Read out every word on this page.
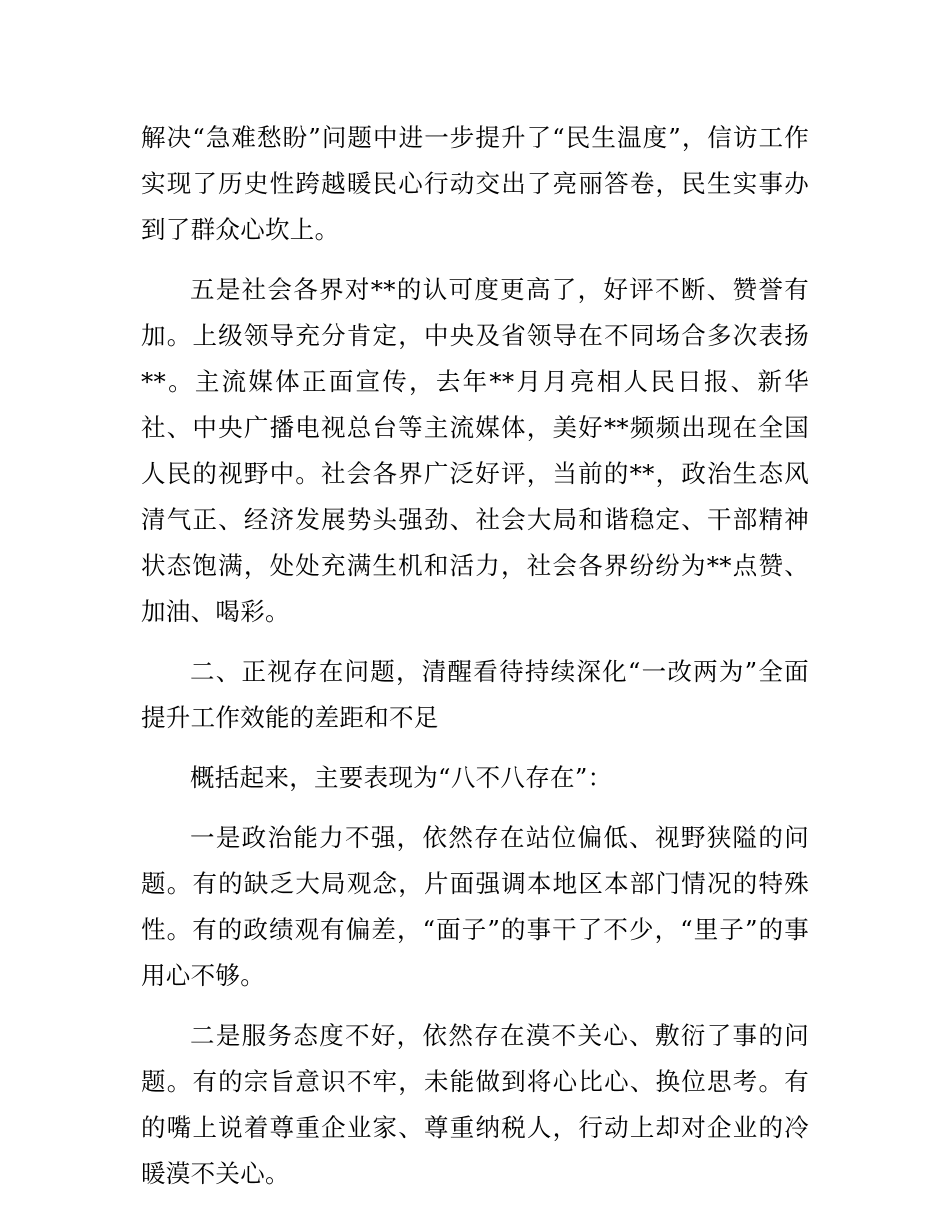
解决“急难愁盼”问题中进一步提升了“民生温度”，信访工作实现了历史性跨越暖民心行动交出了亮丽答卷，民生实事办到了群众心坎上。

五是社会各界对**的认可度更高了，好评不断、赞誉有加。上级领导充分肯定，中央及省领导在不同场合多次表扬**。主流媒体正面宣传，去年**月月亮相人民日报、新华社、中央广播电视总台等主流媒体，美好**频频出现在全国人民的视野中。社会各界广泛好评，当前的**，政治生态风清气正、经济发展势头强劲、社会大局和谐稳定、干部精神状态饱满，处处充满生机和活力，社会各界纷纷为**点赞、加油、喝彩。

二、正视存在问题，清醒看待持续深化“一改两为”全面提升工作效能的差距和不足

概括起来，主要表现为“八不八存在”：

一是政治能力不强，依然存在站位偏低、视野狭隘的问题。有的缺乏大局观念，片面强调本地区本部门情况的特殊性。有的政绩观有偏差，“面子”的事干了不少，“里子”的事用心不够。

二是服务态度不好，依然存在漠不关心、敷衍了事的问题。有的宗旨意识不牢，未能做到将心比心、换位思考。有的嘴上说着尊重企业家、尊重纳税人，行动上却对企业的冷暖漠不关心。
